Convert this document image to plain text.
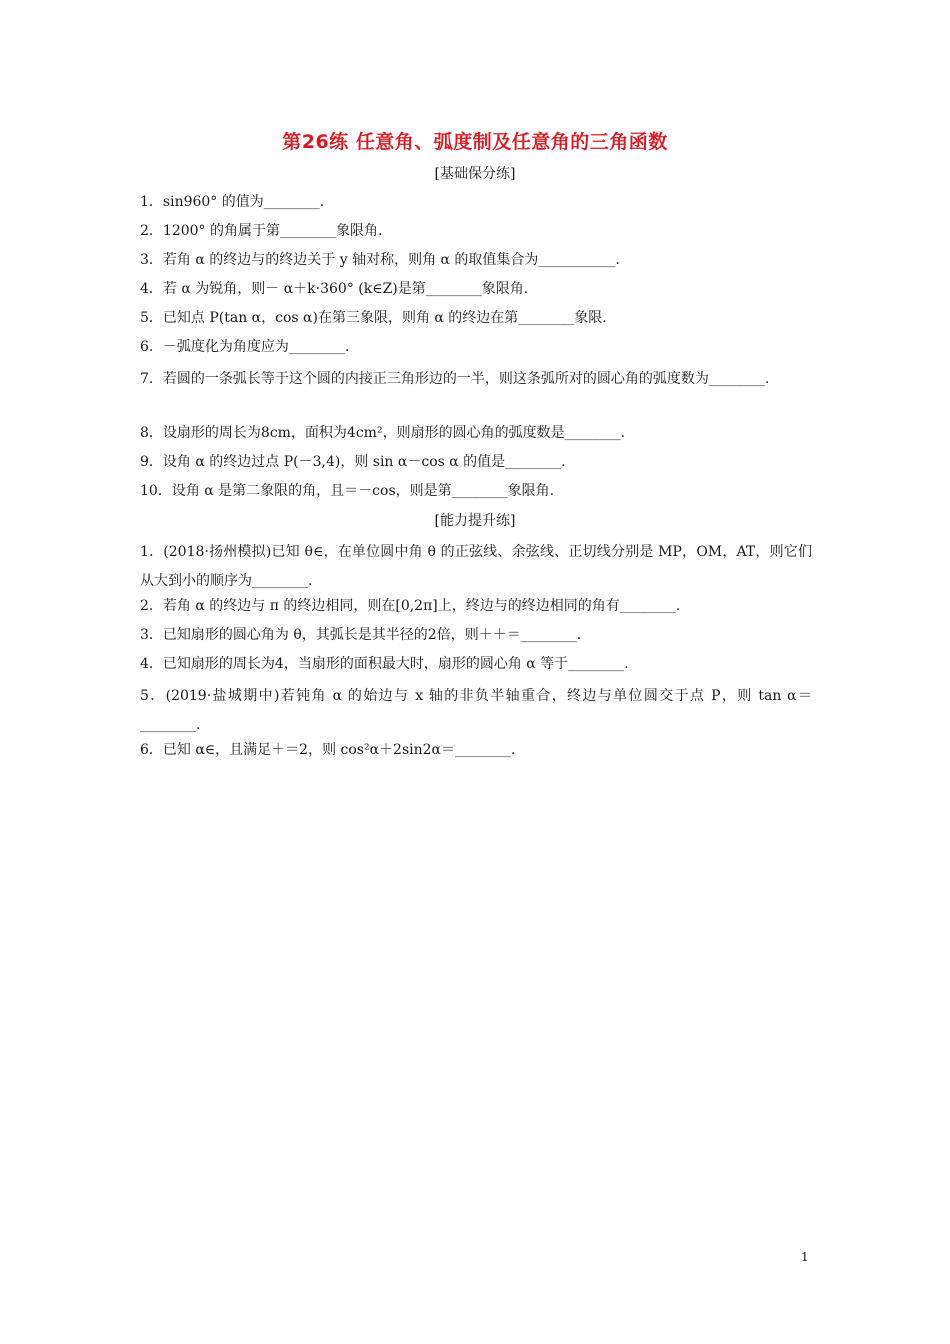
第26练 任意角、弧度制及任意角的三角函数
[基础保分练]
1．sin960° 的值为________.
2．1200° 的角属于第________象限角.
3．若角 α 的终边与的终边关于 y 轴对称，则角 α 的取值集合为___________.
4．若 α 为锐角，则－ α＋k·360° (k∈Z)是第________象限角.
5．已知点 P(tan α，cos α)在第三象限，则角 α 的终边在第________象限.
6．－弧度化为角度应为________.
7．若圆的一条弧长等于这个圆的内接正三角形边的一半，则这条弧所对的圆心角的弧度数为________.
8．设扇形的周长为8cm，面积为4cm²，则扇形的圆心角的弧度数是________.
9．设角 α 的终边过点 P(－3,4)，则 sin α－cos α 的值是________.
10．设角 α 是第二象限的角，且＝－cos，则是第________象限角.
[能力提升练]
1．(2018·扬州模拟)已知 θ∈，在单位圆中角 θ 的正弦线、余弦线、正切线分别是 MP，OM，AT，则它们从大到小的顺序为________.
2．若角 α 的终边与 π 的终边相同，则在[0,2π]上，终边与的终边相同的角有________.
3．已知扇形的圆心角为 θ，其弧长是其半径的2倍，则＋＋＝________.
4．已知扇形的周长为4，当扇形的面积最大时，扇形的圆心角 α 等于________.
5．(2019·盐城期中)若钝角 α 的始边与 x 轴的非负半轴重合，终边与单位圆交于点 P，则 tan α＝________.
6．已知 α∈，且满足＋＝2，则 cos²α＋2sin2α＝________.
1
